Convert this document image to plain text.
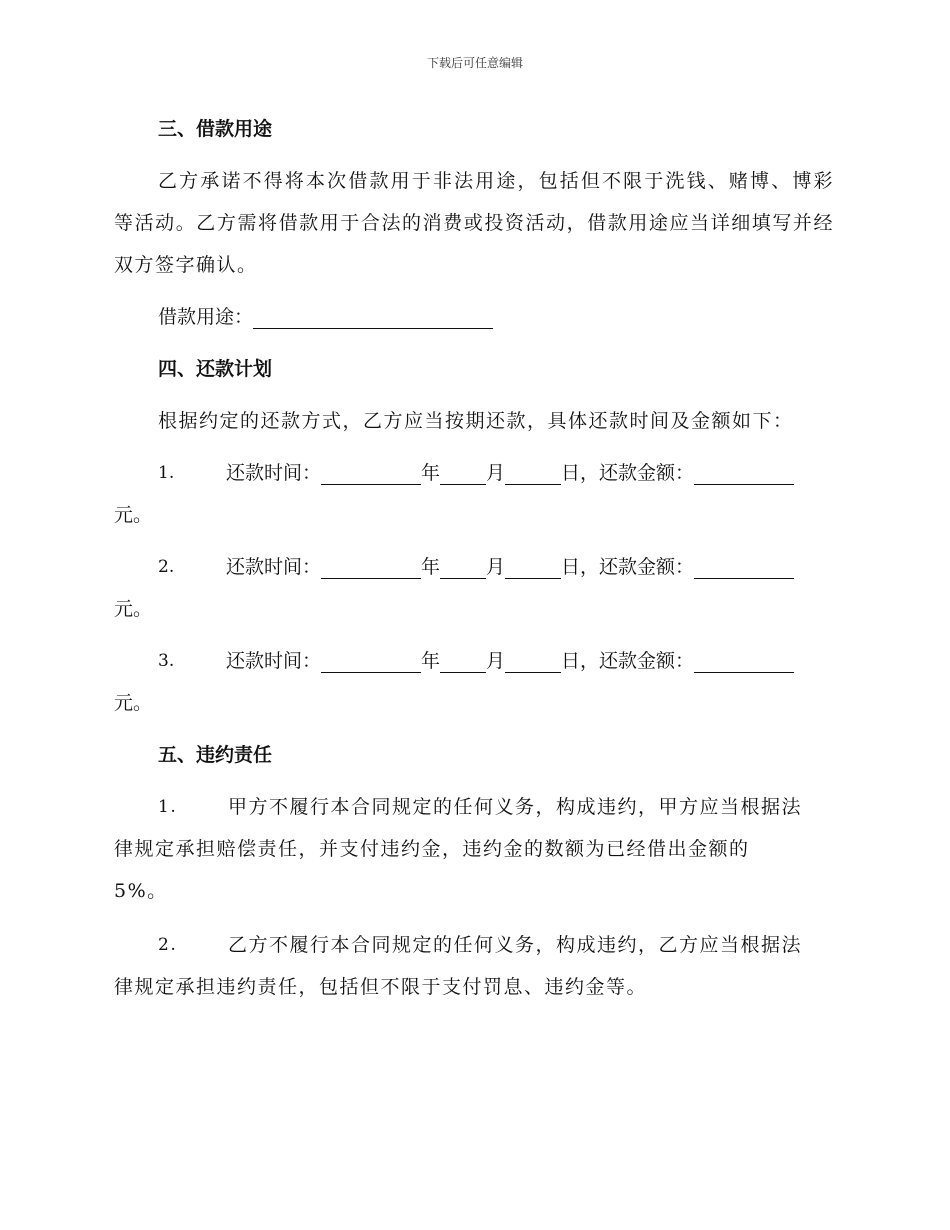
下载后可任意编辑
三、借款用途
乙方承诺不得将本次借款用于非法用途，包括但不限于洗钱、赌博、博彩等活动。乙方需将借款用于合法的消费或投资活动，借款用途应当详细填写并经双方签字确认。
借款用途：
四、还款计划
根据约定的还款方式，乙方应当按期还款，具体还款时间及金额如下：
1.	还款时间：	年 月	日，还款金额：
元。
2.	还款时间：	年 月	日，还款金额：
元。
3.	还款时间：	年 月	日，还款金额：
元。
五、违约责任
1.	甲方不履行本合同规定的任何义务，构成违约，甲方应当根据法
律规定承担赔偿责任，并支付违约金，违约金的数额为已经借出金额的
5%。
2.	乙方不履行本合同规定的任何义务，构成违约，乙方应当根据法
律规定承担违约责任，包括但不限于支付罚息、违约金等。
